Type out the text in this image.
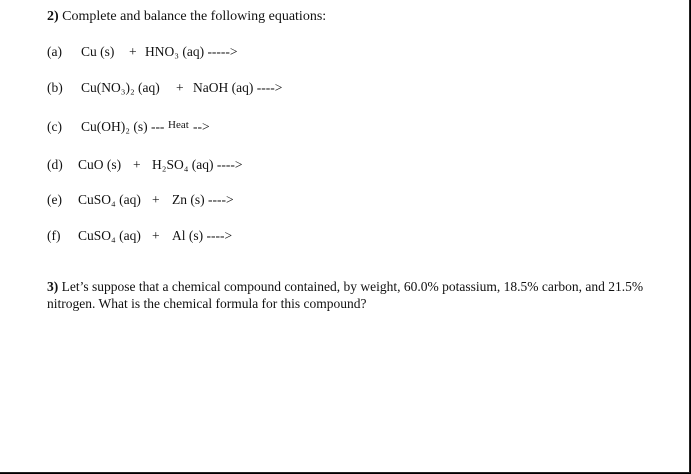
2) Complete and balance the following equations:
(a) Cu (s) + HNO₃ (aq) ----->
(b) Cu(NO₃)₂ (aq) + NaOH (aq) ---->
(c) Cu(OH)₂ (s) --- Heat -->
(d) CuO (s) + H₂SO₄ (aq) ---->
(e) CuSO₄ (aq) + Zn (s) ---->
(f) CuSO₄ (aq) + Al (s) ---->
3) Let’s suppose that a chemical compound contained, by weight, 60.0% potassium, 18.5% carbon, and 21.5% nitrogen. What is the chemical formula for this compound?
